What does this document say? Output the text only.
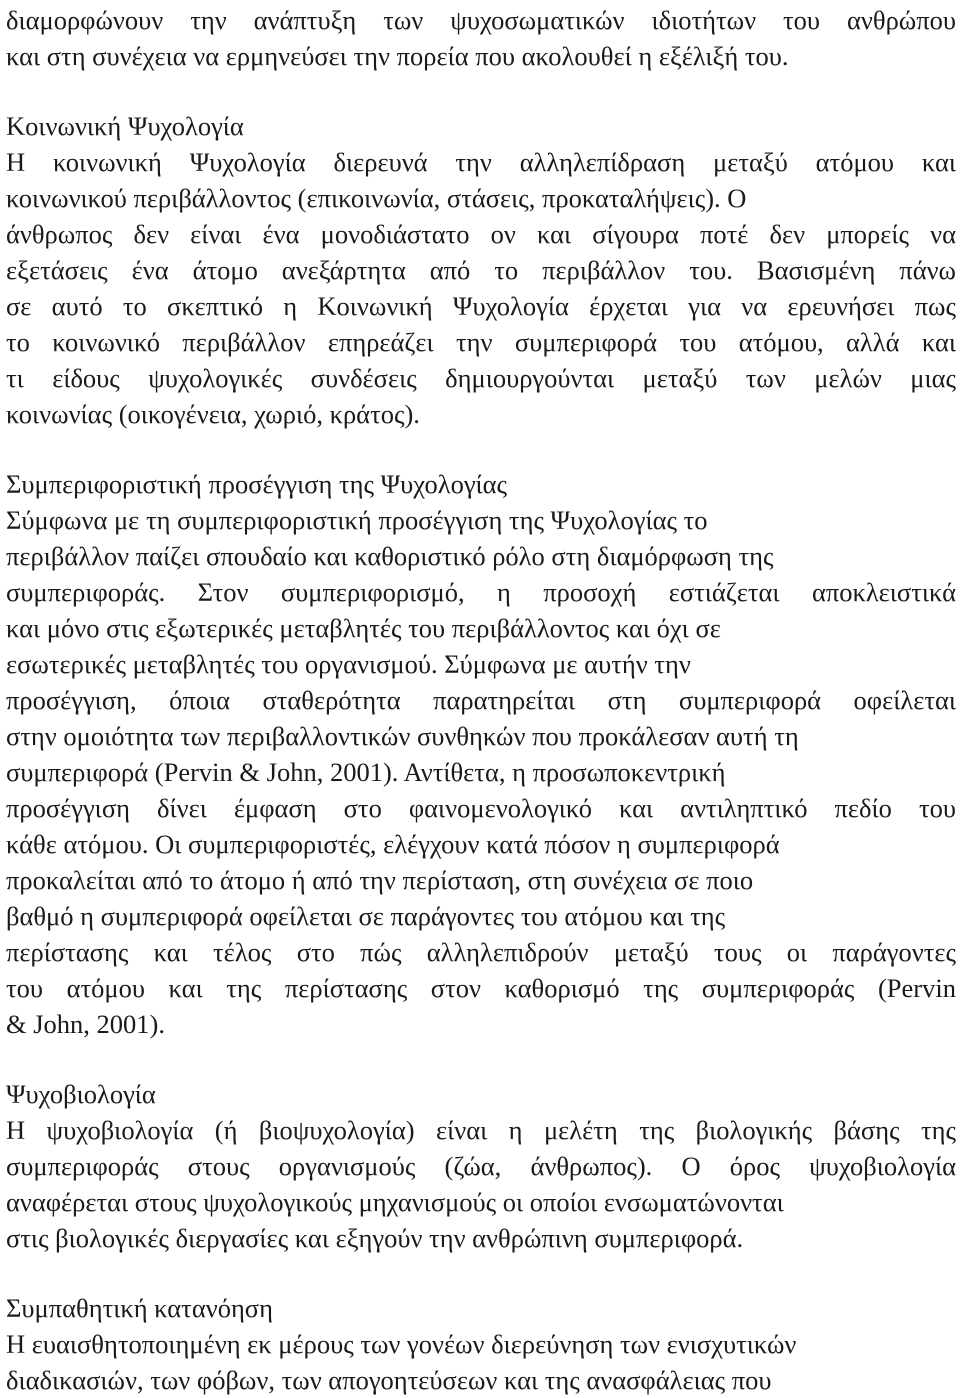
διαμορφώνουν την ανάπτυξη των ψυχοσωματικών ιδιοτήτων του ανθρώπου
και στη συνέχεια να ερμηνεύσει την πορεία που ακολουθεί η εξέλιξή του.
Κοινωνική Ψυχολογία
Η κοινωνική Ψυχολογία διερευνά την αλληλεπίδραση μεταξύ ατόμου και
κοινωνικού περιβάλλοντος (επικοινωνία, στάσεις, προκαταλήψεις). Ο
άνθρωπος δεν είναι ένα μονοδιάστατο ον και σίγουρα ποτέ δεν μπορείς να
εξετάσεις ένα άτομο ανεξάρτητα από το περιβάλλον του. Βασισμένη πάνω
σε αυτό το σκεπτικό η Κοινωνική Ψυχολογία έρχεται για να ερευνήσει πως
το κοινωνικό περιβάλλον επηρεάζει την συμπεριφορά του ατόμου, αλλά και
τι είδους ψυχολογικές συνδέσεις δημιουργούνται μεταξύ των μελών μιας
κοινωνίας (οικογένεια, χωριό, κράτος).
Συμπεριφοριστική προσέγγιση της Ψυχολογίας
Σύμφωνα με τη συμπεριφοριστική προσέγγιση της Ψυχολογίας το
περιβάλλον παίζει σπουδαίο και καθοριστικό ρόλο στη διαμόρφωση της
συμπεριφοράς. Στον συμπεριφορισμό, η προσοχή εστιάζεται αποκλειστικά
και μόνο στις εξωτερικές μεταβλητές του περιβάλλοντος και όχι σε
εσωτερικές μεταβλητές του οργανισμού. Σύμφωνα με αυτήν την
προσέγγιση, όποια σταθερότητα παρατηρείται στη συμπεριφορά οφείλεται
στην ομοιότητα των περιβαλλοντικών συνθηκών που προκάλεσαν αυτή τη
συμπεριφορά (Pervin & John, 2001). Αντίθετα, η προσωποκεντρική
προσέγγιση δίνει έμφαση στο φαινομενολογικό και αντιληπτικό πεδίο του
κάθε ατόμου. Οι συμπεριφοριστές, ελέγχουν κατά πόσον η συμπεριφορά
προκαλείται από το άτομο ή από την περίσταση, στη συνέχεια σε ποιο
βαθμό η συμπεριφορά οφείλεται σε παράγοντες του ατόμου και της
περίστασης και τέλος στο πώς αλληλεπιδρούν μεταξύ τους οι παράγοντες
του ατόμου και της περίστασης στον καθορισμό της συμπεριφοράς (Pervin
& John, 2001).
Ψυχοβιολογία
Η ψυχοβιολογία (ή βιοψυχολογία) είναι η μελέτη της βιολογικής βάσης της
συμπεριφοράς στους οργανισμούς (ζώα, άνθρωπος). Ο όρος ψυχοβιολογία
αναφέρεται στους ψυχολογικούς μηχανισμούς οι οποίοι ενσωματώνονται
στις βιολογικές διεργασίες και εξηγούν την ανθρώπινη συμπεριφορά.
Συμπαθητική κατανόηση
Η ευαισθητοποιημένη εκ μέρους των γονέων διερεύνηση των ενισχυτικών
διαδικασιών, των φόβων, των απογοητεύσεων και της ανασφάλειας που
